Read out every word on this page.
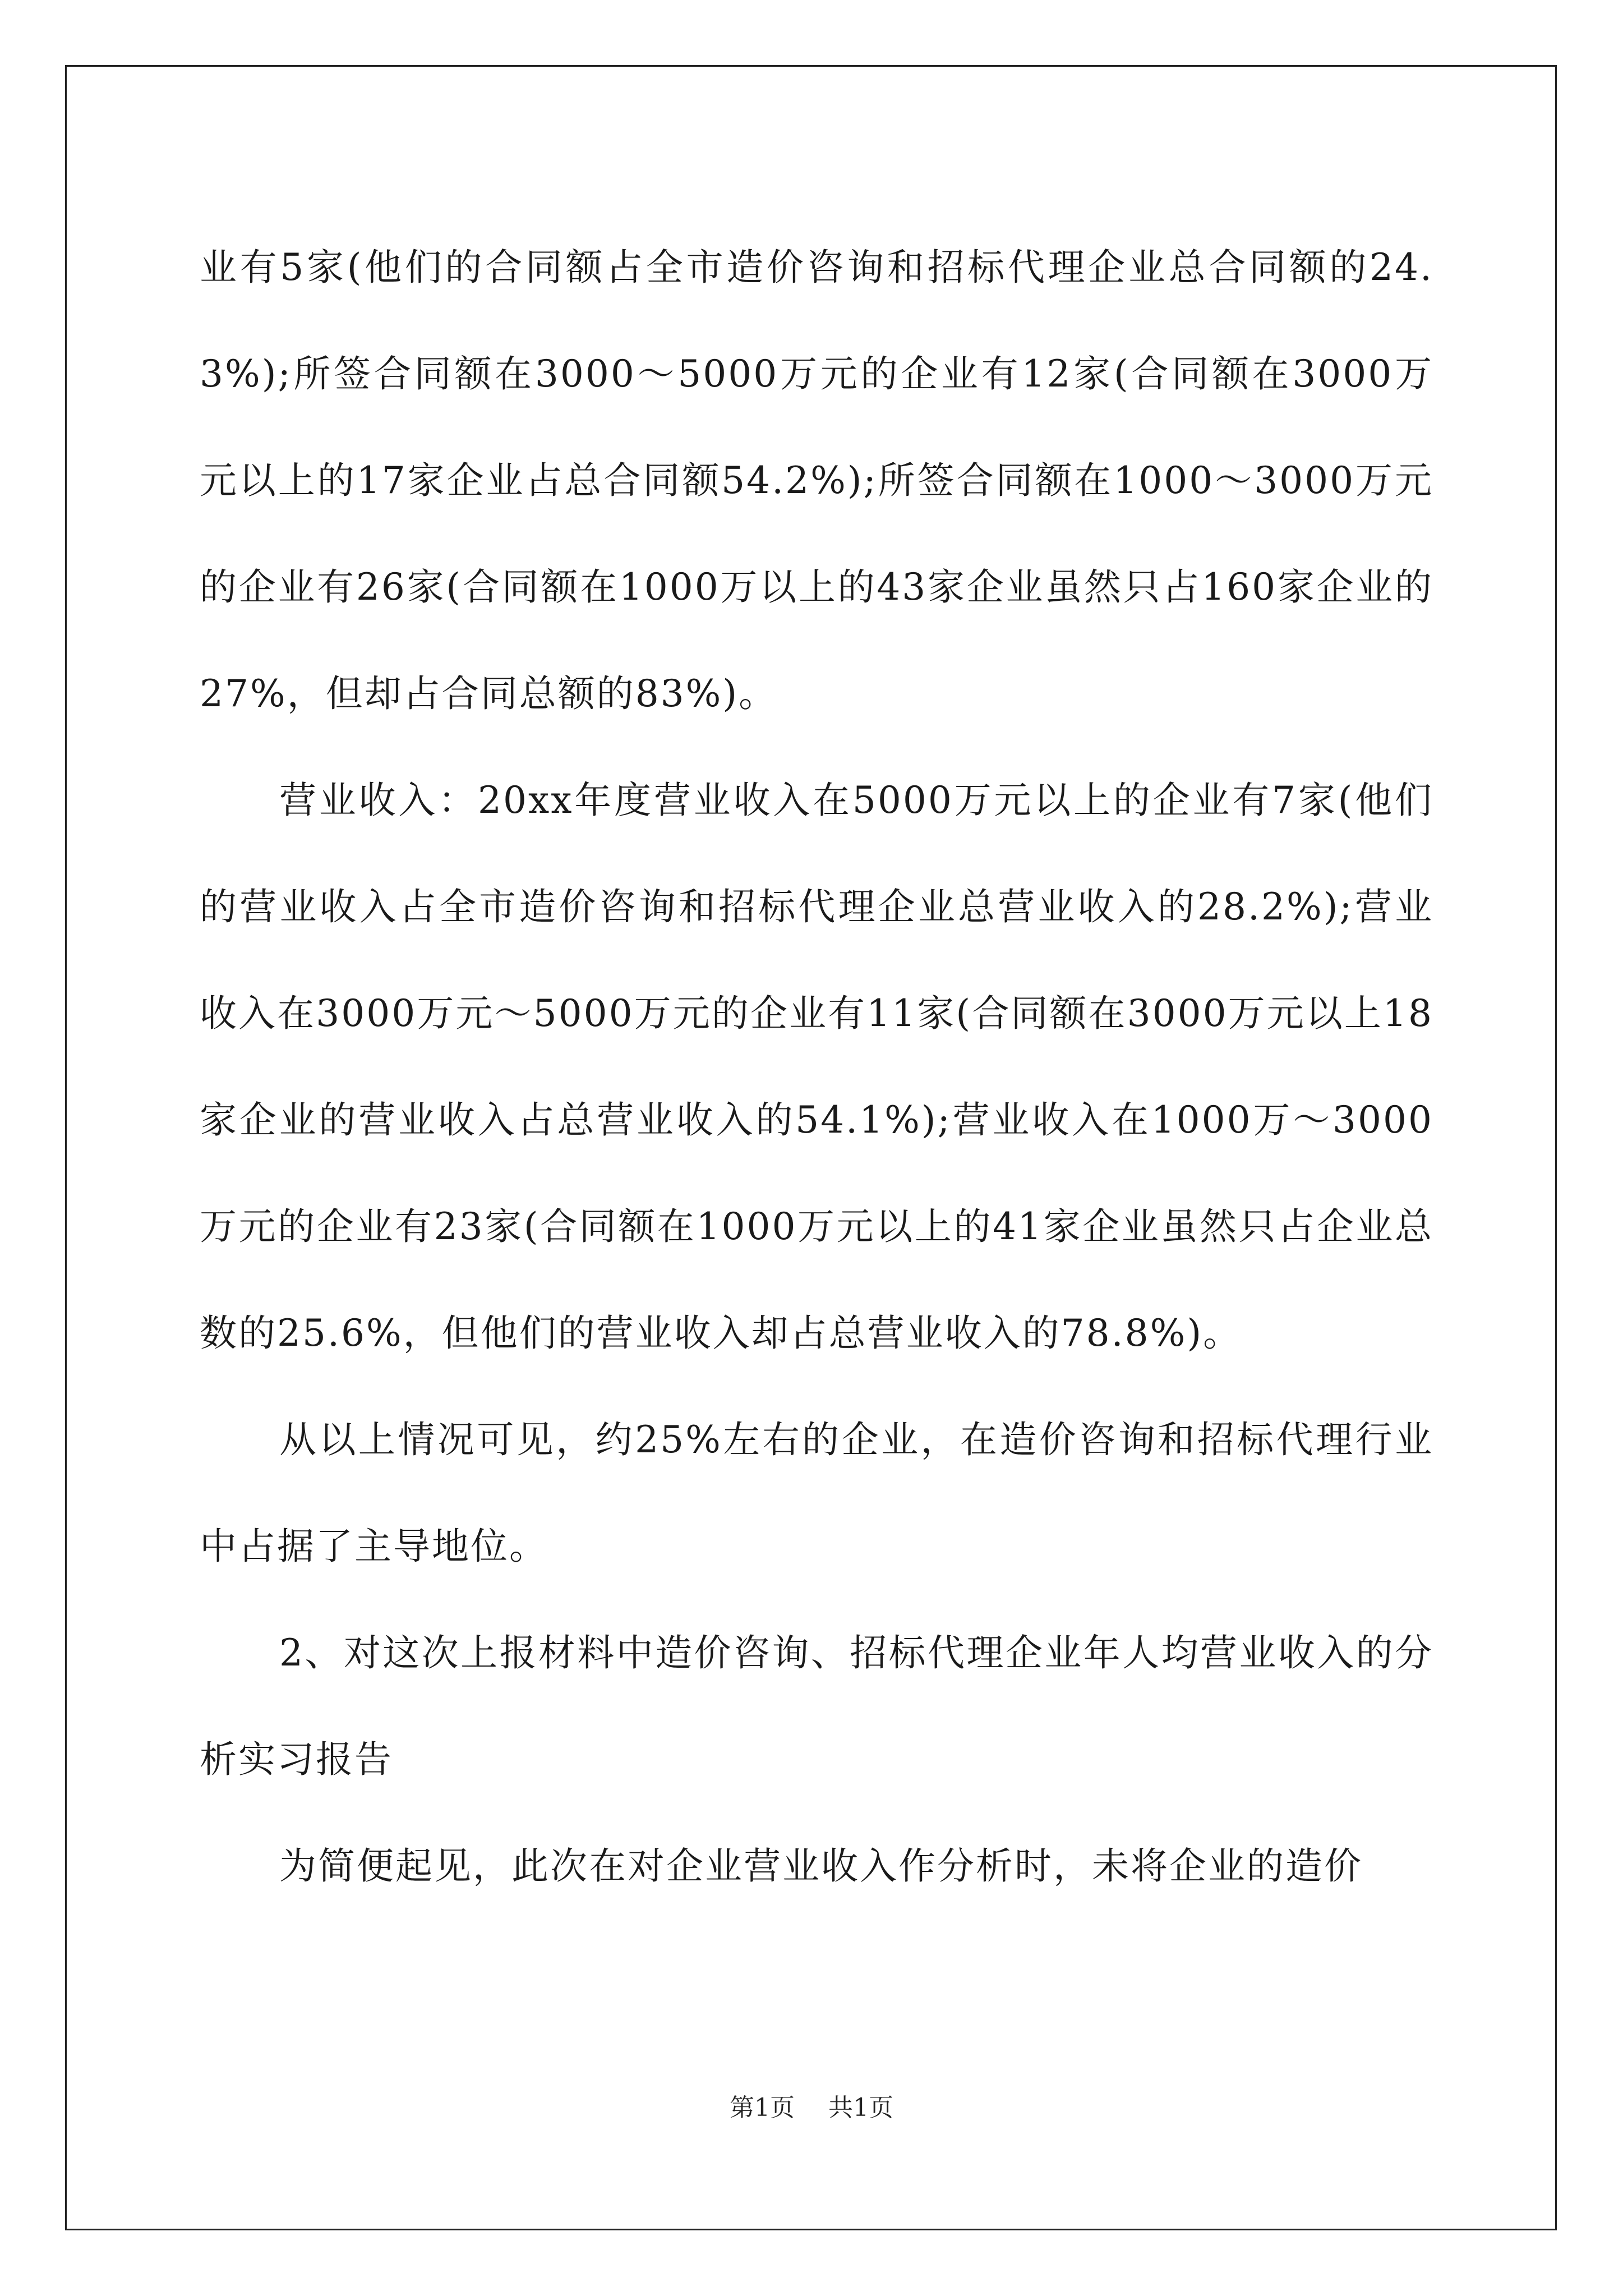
业有5家(他们的合同额占全市造价咨询和招标代理企业总合同额的24.3%);所签合同额在3000～5000万元的企业有12家(合同额在3000万元以上的17家企业占总合同额54.2%);所签合同额在1000～3000万元的企业有26家(合同额在1000万以上的43家企业虽然只占160家企业的27%，但却占合同总额的83%)。

营业收入：20xx年度营业收入在5000万元以上的企业有7家(他们的营业收入占全市造价咨询和招标代理企业总营业收入的28.2%);营业收入在3000万元～5000万元的企业有11家(合同额在3000万元以上18家企业的营业收入占总营业收入的54.1%);营业收入在1000万～3000万元的企业有23家(合同额在1000万元以上的41家企业虽然只占企业总数的25.6%，但他们的营业收入却占总营业收入的78.8%)。

从以上情况可见，约25%左右的企业，在造价咨询和招标代理行业中占据了主导地位。

2、对这次上报材料中造价咨询、招标代理企业年人均营业收入的分析实习报告

为简便起见，此次在对企业营业收入作分析时，未将企业的造价

第1页 共1页
